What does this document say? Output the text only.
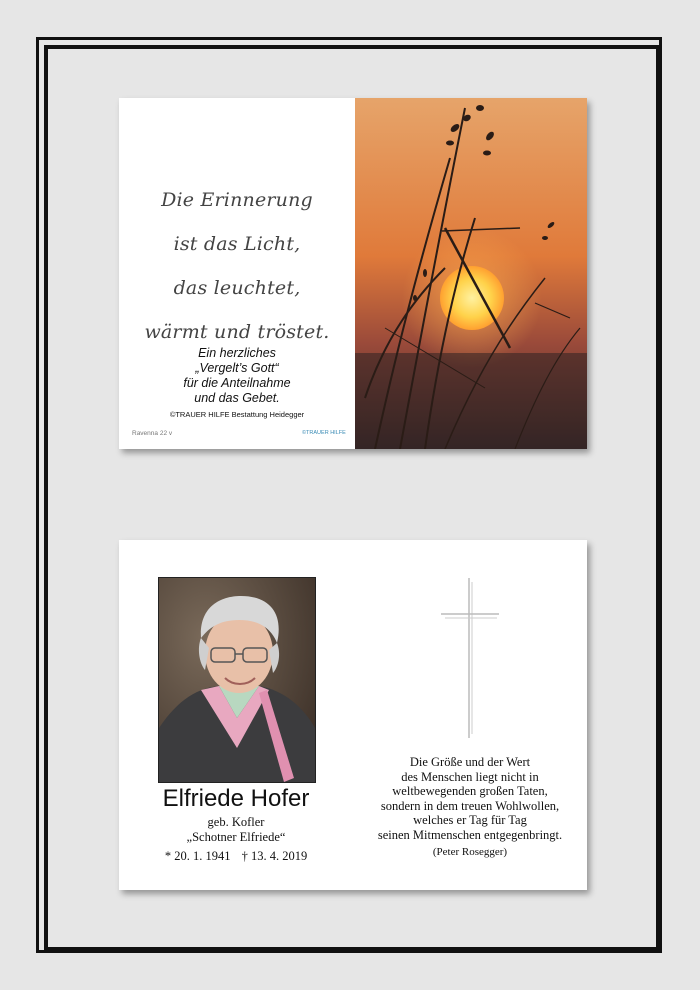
Die Erinnerung
ist das Licht,
das leuchtet,
wärmt und tröstet.
Ein herzliches
„Vergelt’s Gott“
für die Anteilnahme
und das Gebet.
©TRAUER HILFE Bestattung Heidegger
Ravenna 22 v	©TRAUER HILFE
Elfriede Hofer
geb. Kofler
„Schotner Elfriede“
* 20. 1. 1941 † 13. 4. 2019
Die Größe und der Wert
des Menschen liegt nicht in
weltbewegenden großen Taten,
sondern in dem treuen Wohlwollen,
welches er Tag für Tag
seinen Mitmenschen entgegenbringt.
(Peter Rosegger)
